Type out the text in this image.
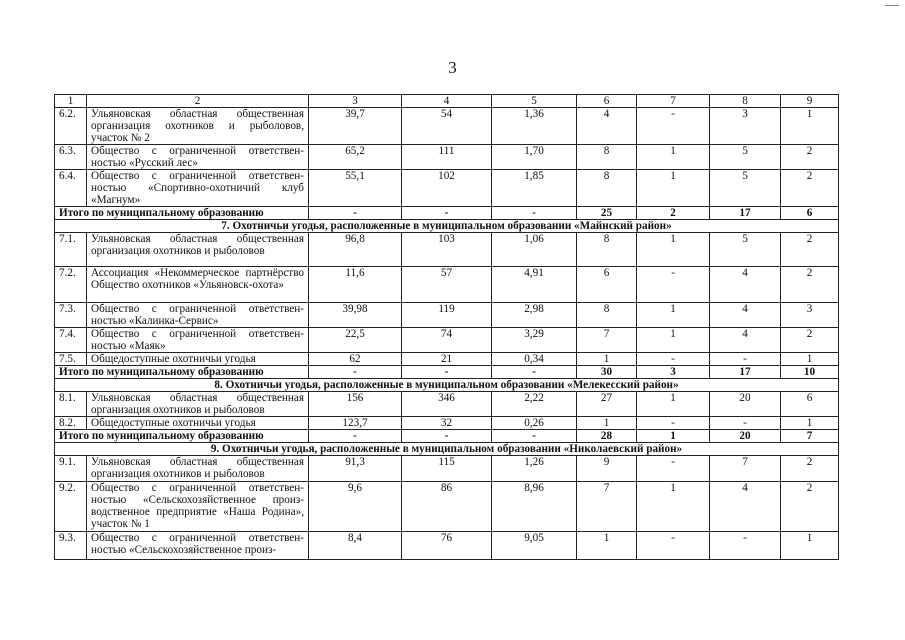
3
1	2	3	4	5	6	7	8	9
6.2.	Ульяновская областная общественная организация охотников и рыболовов, участок № 2	39,7	54	1,36	4	-	3	1
6.3.	Общество с ограниченной ответственностью «Русский лес»	65,2	111	1,70	8	1	5	2
6.4.	Общество с ограниченной ответственностью «Спортивно-охотничий клуб «Магнум»	55,1	102	1,85	8	1	5	2
Итого по муниципальному образованию		-	-	-	25	2	17	6
7. Охотничьи угодья, расположенные в муниципальном образовании «Майнский район»								
7.1.	Ульяновская областная общественная организация охотников и рыболовов	96,8	103	1,06	8	1	5	2
7.2.	Ассоциация «Некоммерческое партнёрство Общество охотников «Ульяновск-охота»	11,6	57	4,91	6	-	4	2
7.3.	Общество с ограниченной ответственностью «Калинка-Сервис»	39,98	119	2,98	8	1	4	3
7.4.	Общество с ограниченной ответственностью «Маяк»	22,5	74	3,29	7	1	4	2
7.5.	Общедоступные охотничьи угодья	62	21	0,34	1	-	-	1
Итого по муниципальному образованию		-	-	-	30	3	17	10
8. Охотничьи угодья, расположенные в муниципальном образовании «Мелекесский район»								
8.1.	Ульяновская областная общественная организация охотников и рыболовов	156	346	2,22	27	1	20	6
8.2.	Общедоступные охотничьи угодья	123,7	32	0,26	1	-	-	1
Итого по муниципальному образованию		-	-	-	28	1	20	7
9. Охотничьи угодья, расположенные в муниципальном образовании «Николаевский район»								
9.1.	Ульяновская областная общественная организация охотников и рыболовов	91,3	115	1,26	9	-	7	2
9.2.	Общество с ограниченной ответственностью «Сельскохозяйственное производственное предприятие «Наша Родина», участок № 1	9,6	86	8,96	7	1	4	2
9.3.	Общество с ограниченной ответственностью «Сельскохозяйственное произ-	8,4	76	9,05	1	-	-	1
